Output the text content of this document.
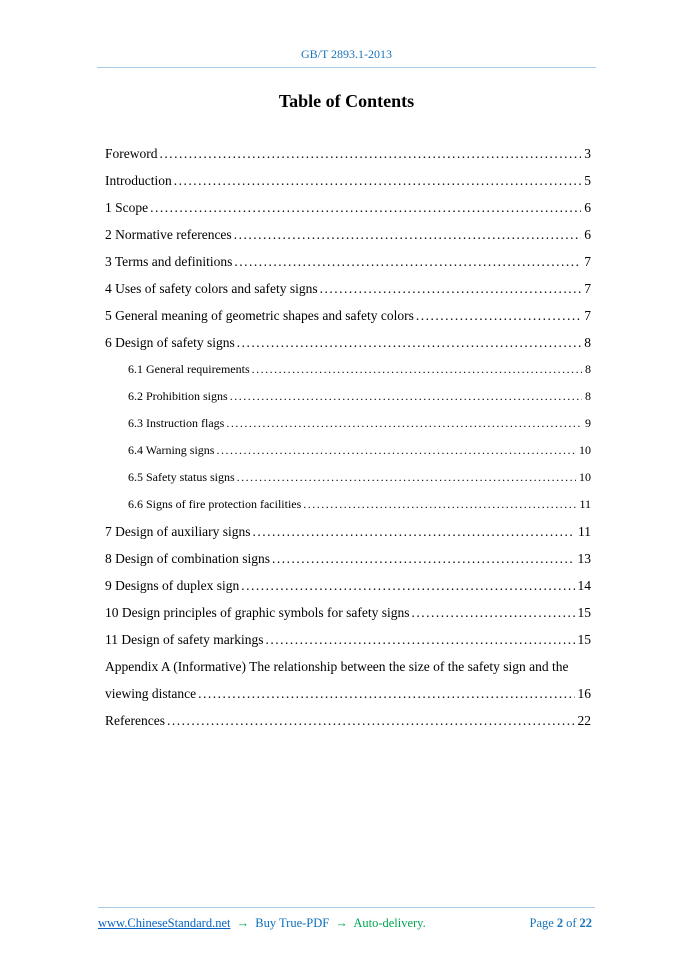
GB/T 2893.1-2013
Table of Contents
Foreword .....	3
Introduction .....	5
1 Scope .....	6
2 Normative references .....	6
3 Terms and definitions .....	7
4 Uses of safety colors and safety signs .....	7
5 General meaning of geometric shapes and safety colors .....	7
6 Design of safety signs .....	8
6.1 General requirements .....	8
6.2 Prohibition signs .....	8
6.3 Instruction flags .....	9
6.4 Warning signs .....	10
6.5 Safety status signs .....	10
6.6 Signs of fire protection facilities .....	11
7 Design of auxiliary signs .....	11
8 Design of combination signs .....	13
9 Designs of duplex sign .....	14
10 Design principles of graphic symbols for safety signs .....	15
11 Design of safety markings .....	15
Appendix A (Informative) The relationship between the size of the safety sign and the
viewing distance .....	16
References .....	22
www.ChineseStandard.net → Buy True-PDF → Auto-delivery.	Page 2 of 22
